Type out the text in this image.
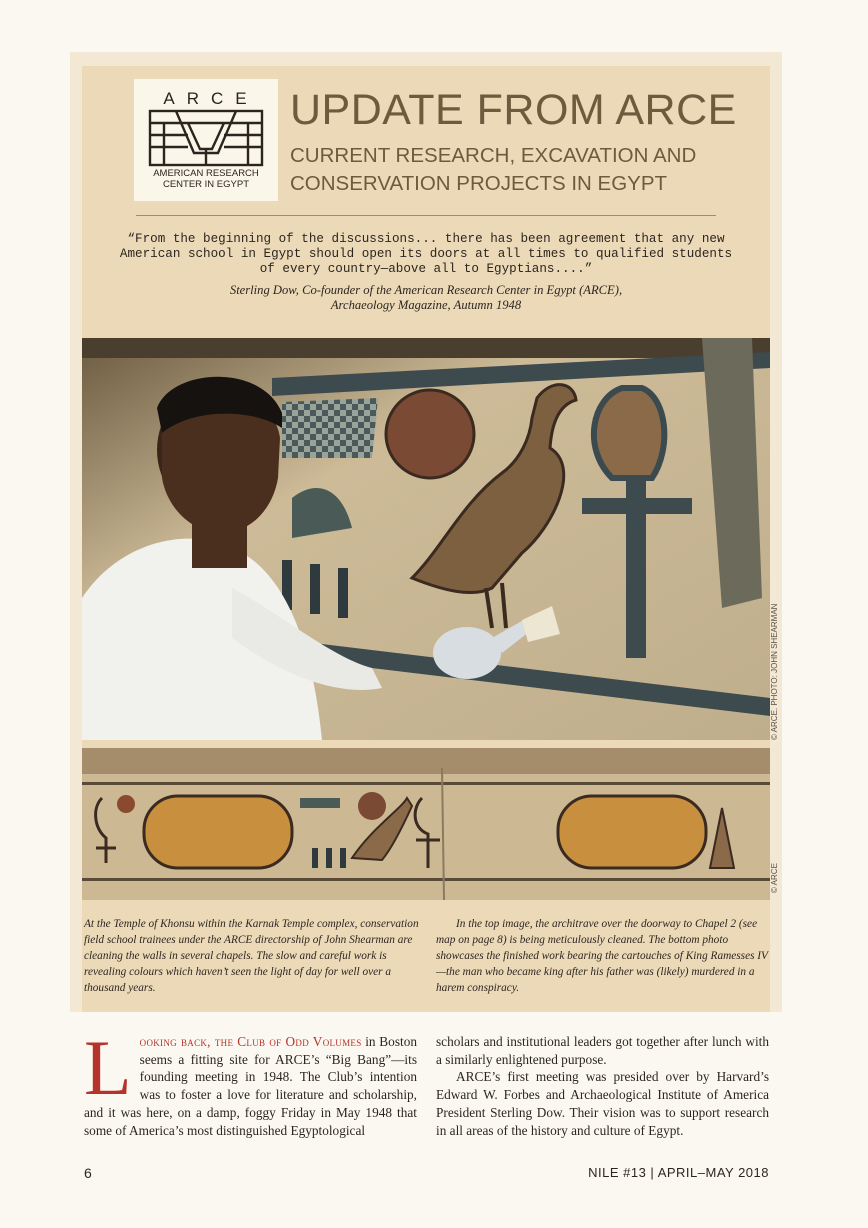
ARCE
AMERICAN RESEARCH CENTER IN EGYPT
UPDATE FROM ARCE
CURRENT RESEARCH, EXCAVATION AND CONSERVATION PROJECTS IN EGYPT
“From the beginning of the discussions... there has been agreement that any new American school in Egypt should open its doors at all times to qualified students of every country—above all to Egyptians....”
Sterling Dow, Co-founder of the American Research Center in Egypt (ARCE),
Archaeology Magazine, Autumn 1948
© ARCE. PHOTO: JOHN SHEARMAN
© ARCE
At the Temple of Khonsu within the Karnak Temple complex, conservation field school trainees under the ARCE directorship of John Shearman are cleaning the walls in several chapels. The slow and careful work is revealing colours which haven’t seen the light of day for well over a thousand years.
In the top image, the architrave over the doorway to Chapel 2 (see map on page 8) is being meticulously cleaned. The bottom photo showcases the finished work bearing the cartouches of King Ramesses IV—the man who became king after his father was (likely) murdered in a harem conspiracy.
Looking back, the Club of Odd Volumes in Boston seems a fitting site for ARCE’s “Big Bang”—its founding meeting in 1948. The Club’s intention was to foster a love for literature and scholarship, and it was here, on a damp, foggy Friday in May 1948 that some of America’s most distinguished Egyptological
scholars and institutional leaders got together after lunch with a similarly enlightened purpose.
ARCE’s first meeting was presided over by Harvard’s Edward W. Forbes and Archaeological Institute of America President Sterling Dow. Their vision was to support research in all areas of the history and culture of Egypt.
6	NILE #13 | APRIL–MAY 2018
